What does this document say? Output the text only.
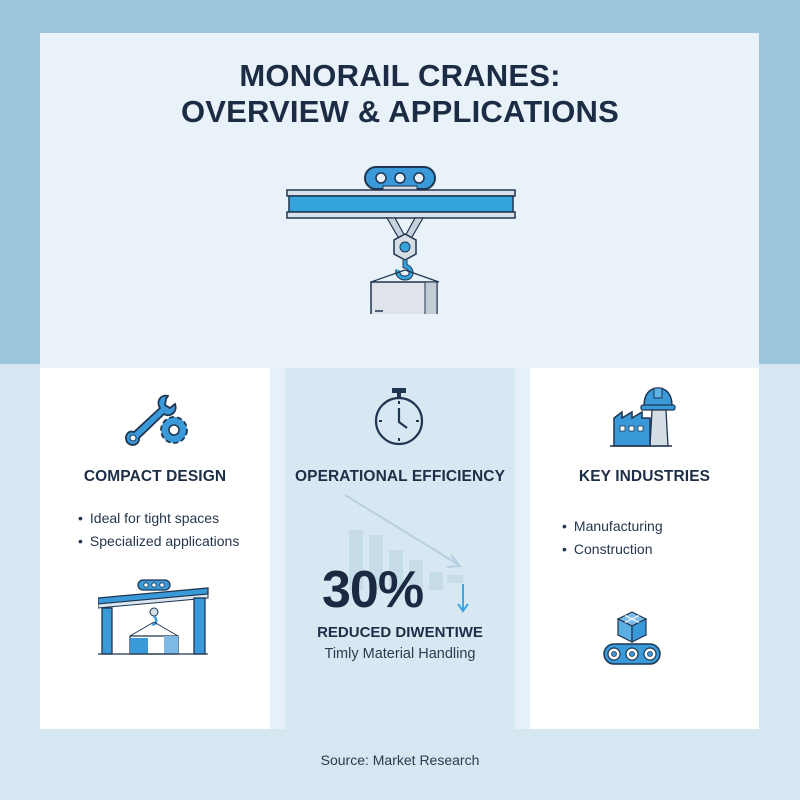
MONORAIL CRANES:
OVERVIEW & APPLICATIONS
COMPACT DESIGN
• Ideal for tight spaces
• Specialized applications
OPERATIONAL EFFICIENCY
30%
REDUCED DIWENTIWE
Timly Material Handling
KEY INDUSTRIES
• Manufacturing
• Construction
Source: Market Research
